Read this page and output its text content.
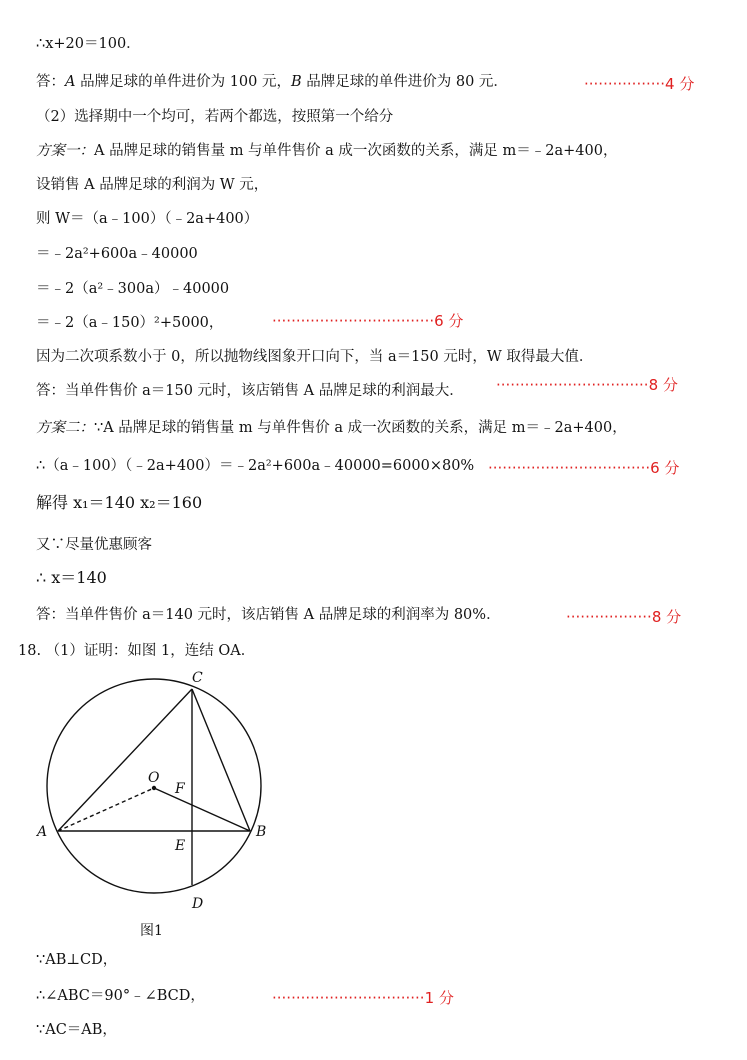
∴x+20＝100．
答：A 品牌足球的单件进价为 100 元，B 品牌足球的单件进价为 80 元．	·················4 分
（2）选择期中一个均可，若两个都选，按照第一个给分
方案一：A 品牌足球的销售量 m 与单件售价 a 成一次函数的关系，满足 m＝﹣2a+400，
设销售 A 品牌足球的利润为 W 元，
则 W＝（a﹣100）（﹣2a+400）
＝﹣2a²+600a﹣40000
＝﹣2（a²﹣300a）﹣40000
＝﹣2（a﹣150）²+5000，	··································6 分
因为二次项系数小于 0，所以抛物线图象开口向下，当 a＝150 元时，W 取得最大值．
答：当单件售价 a＝150 元时，该店销售 A 品牌足球的利润最大． ································8 分
方案二：∵A 品牌足球的销售量 m 与单件售价 a 成一次函数的关系，满足 m＝﹣2a+400，
∴（a﹣100）（﹣2a+400）＝﹣2a²+600a﹣40000=6000×80% ··································6 分
解得 x₁＝140 x₂＝160
又∵尽量优惠顾客
∴ x＝140
答：当单件售价 a＝140 元时，该店销售 A 品牌足球的利润率为 80%．	··················8 分
18. （1）证明：如图 1，连结 OA．
C
O
F
A	B
E
D
图1
∵AB⊥CD，
∴∠ABC＝90°﹣∠BCD，	································1 分
∵AC＝AB，
